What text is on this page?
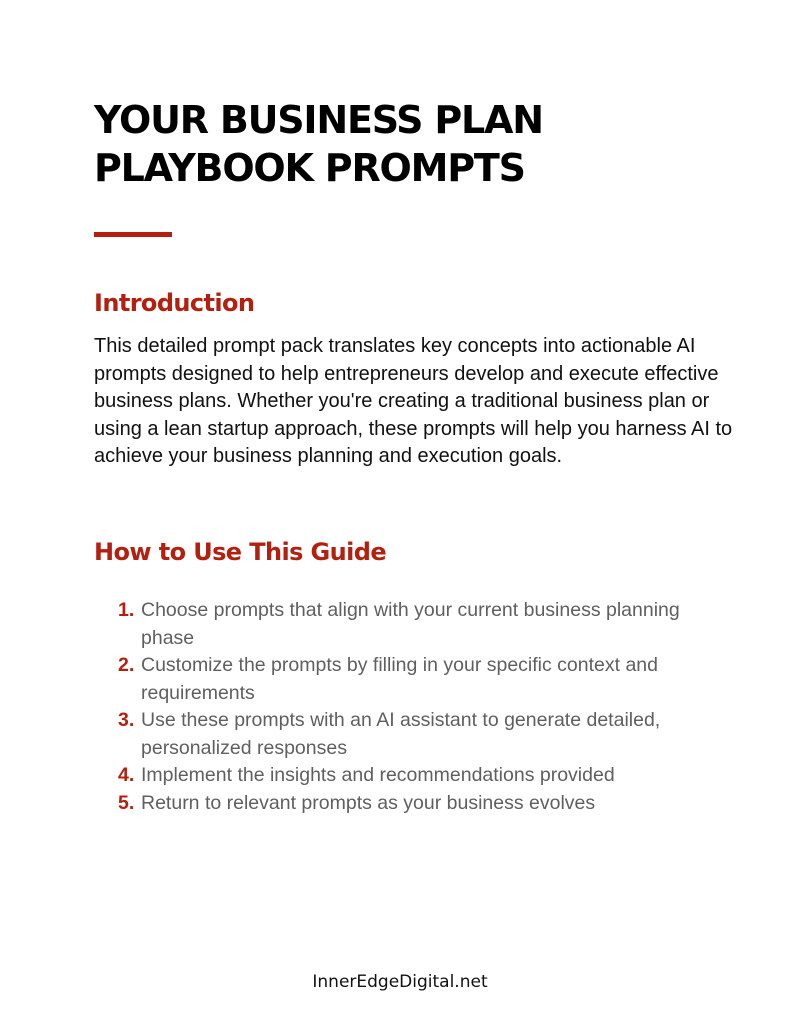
YOUR BUSINESS PLAN
PLAYBOOK PROMPTS
Introduction

This detailed prompt pack translates key concepts into actionable AI prompts designed to help entrepreneurs develop and execute effective business plans. Whether you're creating a traditional business plan or using a lean startup approach, these prompts will help you harness AI to achieve your business planning and execution goals.

How to Use This Guide
1. Choose prompts that align with your current business planning phase
2. Customize the prompts by filling in your specific context and requirements
3. Use these prompts with an AI assistant to generate detailed, personalized responses
4. Implement the insights and recommendations provided
5. Return to relevant prompts as your business evolves
InnerEdgeDigital.net
